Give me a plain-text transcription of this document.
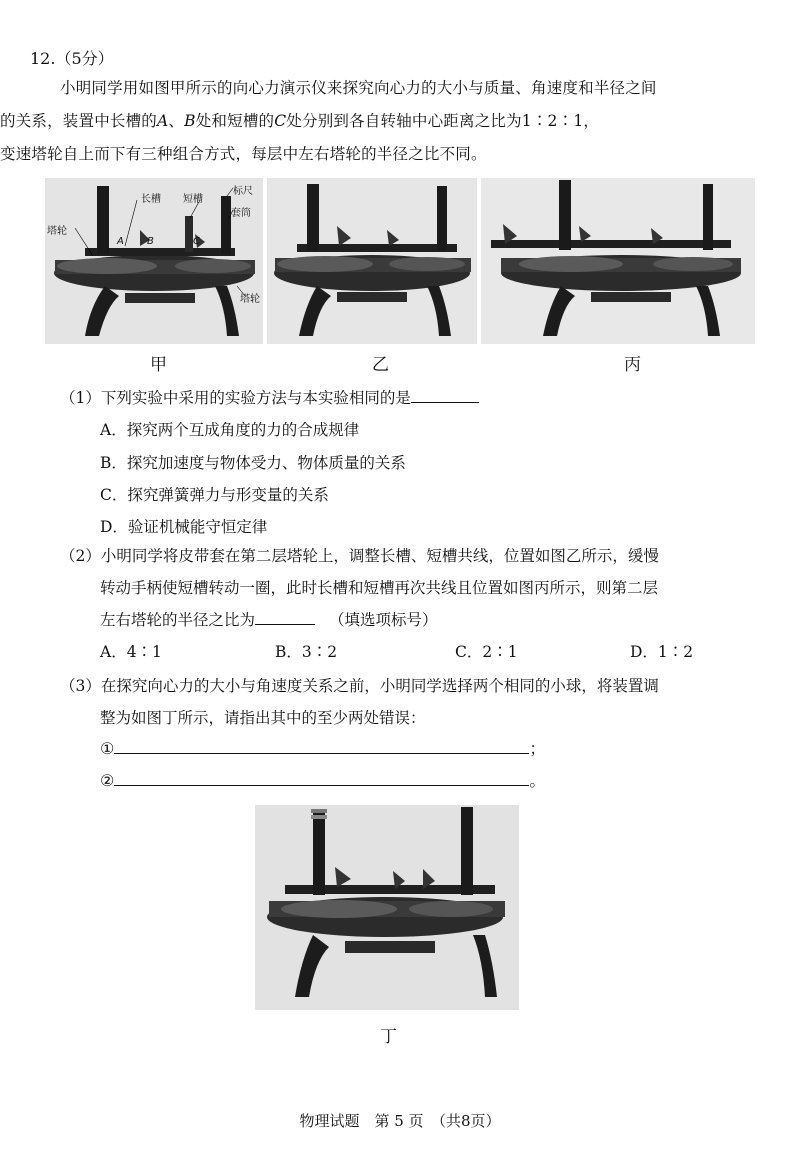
12.（5分）
小明同学用如图甲所示的向心力演示仪来探究向心力的大小与质量、角速度和半径之间
的关系，装置中长槽的A、B处和短槽的C处分别到各自转轴中心距离之比为1∶2∶1，
变速塔轮自上而下有三种组合方式，每层中左右塔轮的半径之比不同。
塔轮
长槽 短槽
标尺
套筒
塔轮
A B	C
甲	乙	丙
（1）下列实验中采用的实验方法与本实验相同的是
A．探究两个互成角度的力的合成规律
B．探究加速度与物体受力、物体质量的关系
C．探究弹簧弹力与形变量的关系
D．验证机械能守恒定律
（2）小明同学将皮带套在第二层塔轮上，调整长槽、短槽共线，位置如图乙所示，缓慢
转动手柄使短槽转动一圈，此时长槽和短槽再次共线且位置如图丙所示，则第二层
左右塔轮的半径之比为	（填选项标号）
A．4∶1	B．3∶2	C．2∶1	D．1∶2
（3）在探究向心力的大小与角速度关系之前，小明同学选择两个相同的小球，将装置调
整为如图丁所示，请指出其中的至少两处错误：
①	；
②	。
丁
物理试题　第 5 页　（共8页）
